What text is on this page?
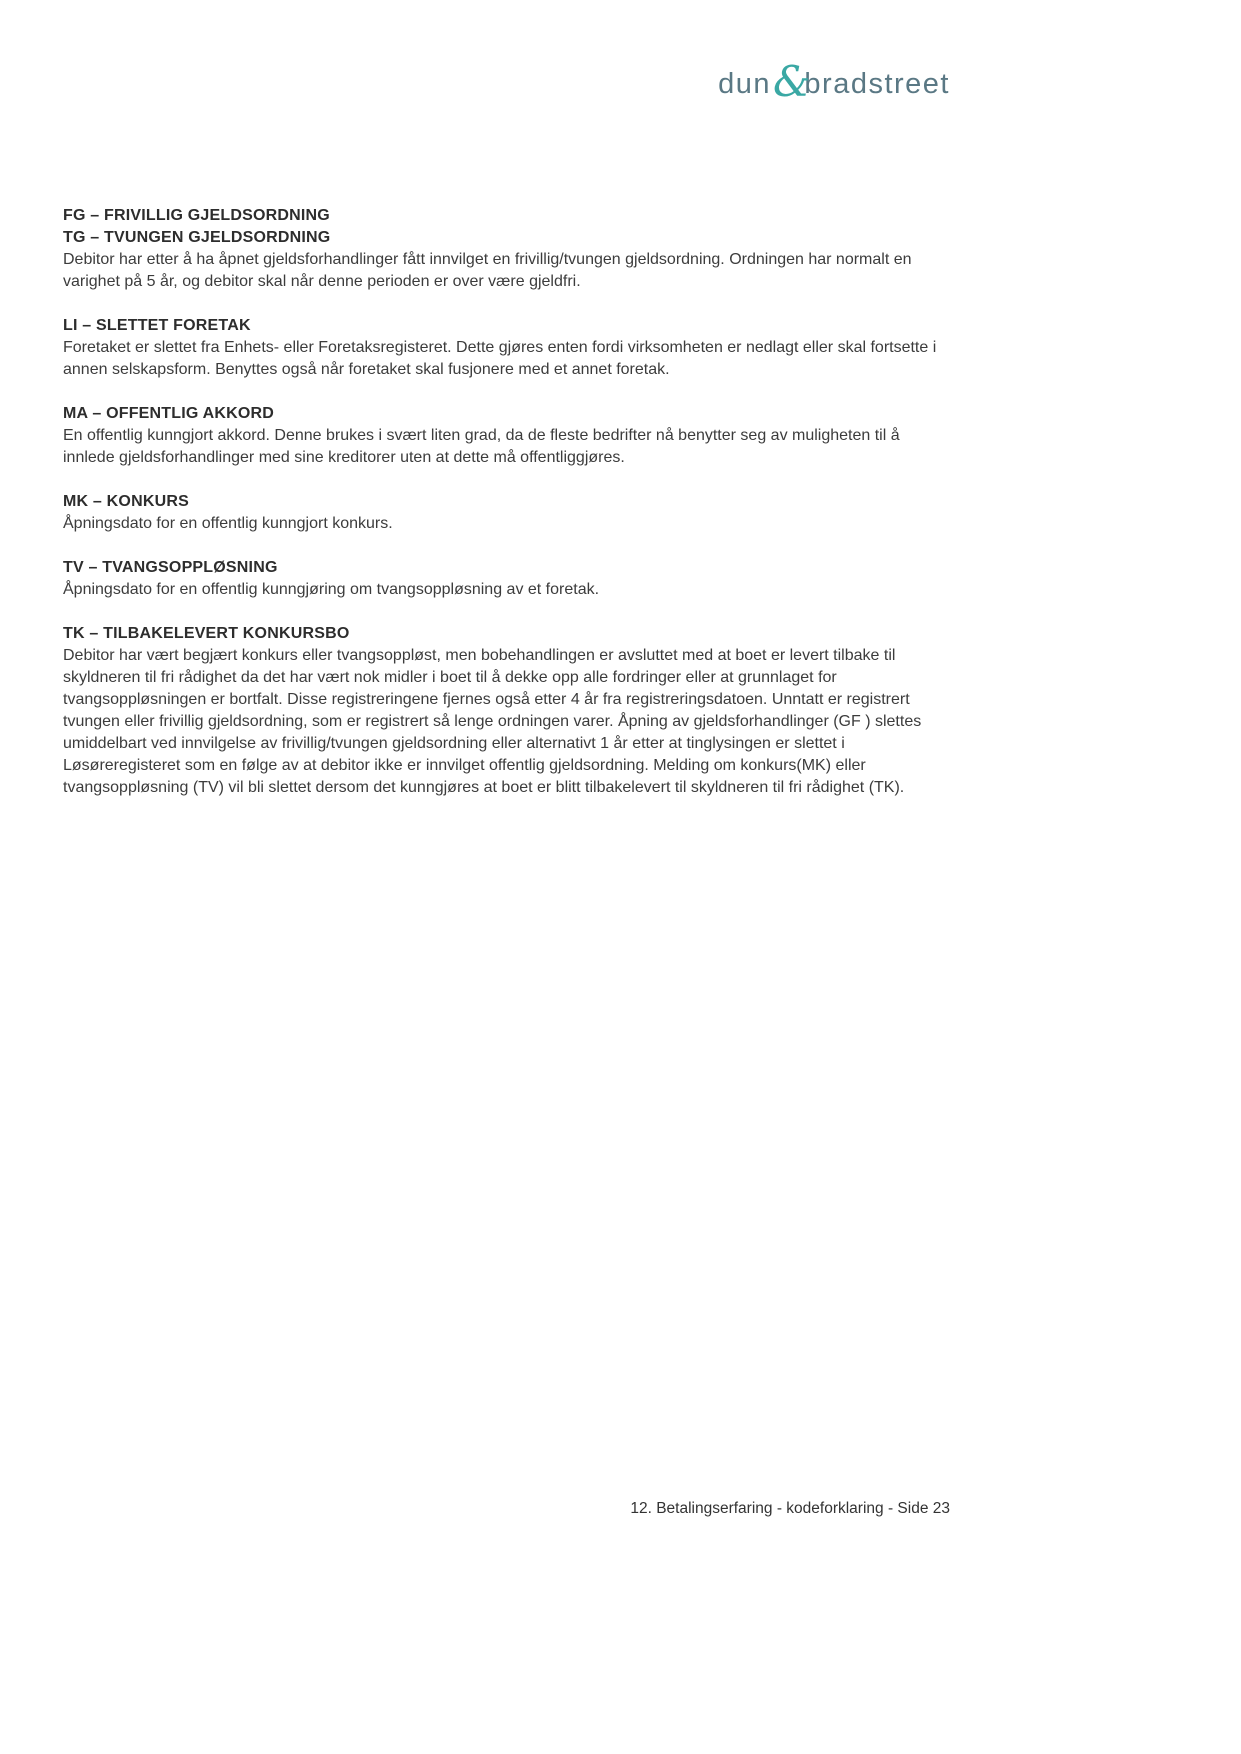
dun &
bradstreet
FG – FRIVILLIG GJELDSORDNING
TG – TVUNGEN GJELDSORDNING

Debitor har etter å ha åpnet gjeldsforhandlinger fått innvilget en frivillig/tvungen gjeldsordning. Ordningen har normalt en varighet på 5 år, og debitor skal når denne perioden er over være gjeldfri.

LI – SLETTET FORETAK

Foretaket er slettet fra Enhets- eller Foretaksregisteret. Dette gjøres enten fordi virksomheten er nedlagt eller skal fortsette i annen selskapsform. Benyttes også når foretaket skal fusjonere med et annet foretak.

MA – OFFENTLIG AKKORD

En offentlig kunngjort akkord. Denne brukes i svært liten grad, da de fleste bedrifter nå benytter seg av muligheten til å innlede gjeldsforhandlinger med sine kreditorer uten at dette må offentliggjøres.

MK – KONKURS

Åpningsdato for en offentlig kunngjort konkurs.

TV – TVANGSOPPLØSNING

Åpningsdato for en offentlig kunngjøring om tvangsoppløsning av et foretak.

TK – TILBAKELEVERT KONKURSBO

Debitor har vært begjært konkurs eller tvangsoppløst, men bobehandlingen er avsluttet med at boet er levert tilbake til skyldneren til fri rådighet da det har vært nok midler i boet til å dekke opp alle fordringer eller at grunnlaget for tvangsoppløsningen er bortfalt. Disse registreringene fjernes også etter 4 år fra registreringsdatoen. Unntatt er registrert tvungen eller frivillig gjeldsordning, som er registrert så lenge ordningen varer. Åpning av gjeldsforhandlinger (GF ) slettes umiddelbart ved innvilgelse av frivillig/tvungen gjeldsordning eller alternativt 1 år etter at tinglysingen er slettet i Løsøreregisteret som en følge av at debitor ikke er innvilget offentlig gjeldsordning. Melding om konkurs(MK) eller tvangsoppløsning (TV) vil bli slettet dersom det kunngjøres at boet er blitt tilbakelevert til skyldneren til fri rådighet (TK).

12. Betalingserfaring - kodeforklaring - Side 23
